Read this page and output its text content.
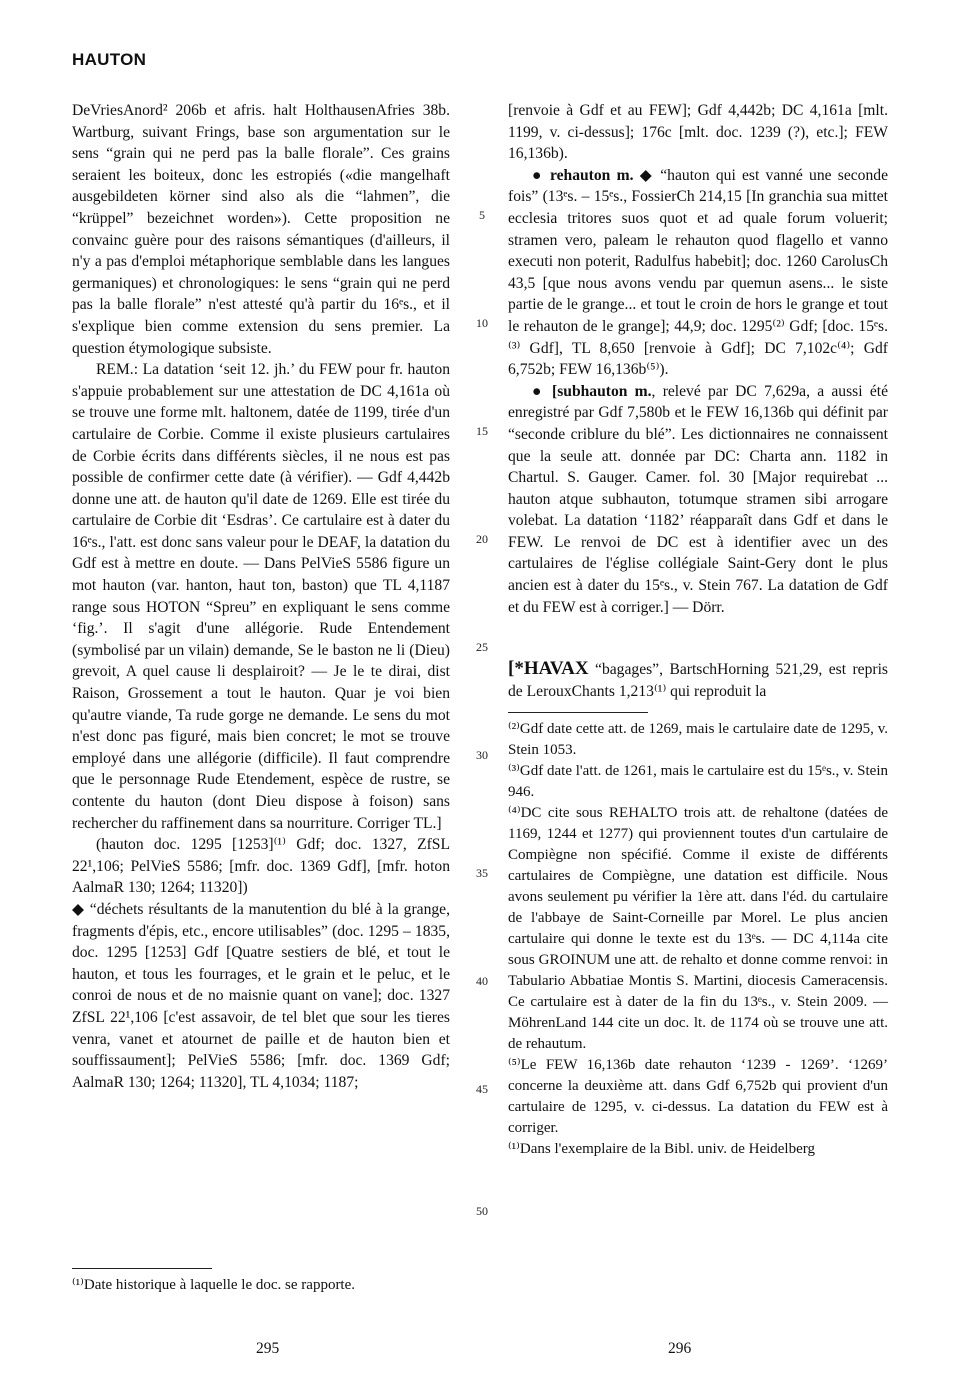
HAUTON

DeVriesAnord² 206b et afris. halt HolthausenAfries 38b. Wartburg, suivant Frings, base son argumentation sur le sens “grain qui ne perd pas la balle florale”. Ces grains seraient les boiteux, donc les estropiés («die mangelhaft ausgebildeten körner sind also als die “lahmen”, die “krüppel” bezeichnet worden»). Cette proposition ne convainc guère pour des raisons sémantiques (d'ailleurs, il n'y a pas d'emploi métaphorique semblable dans les langues germaniques) et chronologiques: le sens “grain qui ne perd pas la balle florale” n'est attesté qu'à partir du 16ᵉs., et il s'explique bien comme extension du sens premier. La question étymologique subsiste.

REM.: La datation ‘seit 12. jh.’ du FEW pour fr. hauton s'appuie probablement sur une attestation de DC 4,161a où se trouve une forme mlt. haltonem, datée de 1199, tirée d'un cartulaire de Corbie. Comme il existe plusieurs cartulaires de Corbie écrits dans différents siècles, il ne nous est pas possible de confirmer cette date (à vérifier). — Gdf 4,442b donne une att. de hauton qu'il date de 1269. Elle est tirée du cartulaire de Corbie dit ‘Esdras’. Ce cartulaire est à dater du 16ᵉs., l'att. est donc sans valeur pour le DEAF, la datation du Gdf est à mettre en doute. — Dans PelVieS 5586 figure un mot hauton (var. hanton, haut ton, baston) que TL 4,1187 range sous HOTON “Spreu” en expliquant le sens comme ‘fig.’. Il s'agit d'une allégorie. Rude Entendement (symbolisé par un vilain) demande, Se le baston ne li (Dieu) grevoit, A quel cause li desplairoit? — Je le te dirai, dist Raison, Grossement a tout le hauton. Quar je voi bien qu'autre viande, Ta rude gorge ne demande. Le sens du mot n'est donc pas figuré, mais bien concret; le mot se trouve employé dans une allégorie (difficile). Il faut comprendre que le personnage Rude Etendement, espèce de rustre, se contente du hauton (dont Dieu dispose à foison) sans rechercher du raffinement dans sa nourriture. Corriger TL.]

(hauton doc. 1295 [1253]⁽¹⁾ Gdf; doc. 1327, ZfSL 22¹,106; PelVieS 5586; [mfr. doc. 1369 Gdf], [mfr. hoton AalmaR 130; 1264; 11320])

◆ “déchets résultants de la manutention du blé à la grange, fragments d'épis, etc., encore utilisables” (doc. 1295 – 1835, doc. 1295 [1253] Gdf [Quatre sestiers de blé, et tout le hauton, et tous les fourrages, et le grain et le peluc, et le conroi de nous et de no maisnie quant on vane]; doc. 1327 ZfSL 22¹,106 [c'est assavoir, de tel blet que sour les tieres venra, vanet et atournet de paille et de hauton bien et souffissaument]; PelVieS 5586; [mfr. doc. 1369 Gdf; AalmaR 130; 1264; 11320], TL 4,1034; 1187;

⁽¹⁾Date historique à laquelle le doc. se rapporte.
5
10
15
20
25
30
35
40
45
50

[renvoie à Gdf et au FEW]; Gdf 4,442b; DC 4,161a [mlt. 1199, v. ci-dessus]; 176c [mlt. doc. 1239 (?), etc.]; FEW 16,136b).

● rehauton m. ◆ “hauton qui est vanné une seconde fois” (13ᵉs. – 15ᵉs., FossierCh 214,15 [In granchia sua mittet ecclesia tritores suos quot et ad quale forum voluerit; stramen vero, paleam le rehauton quod flagello et vanno executi non poterit, Radulfus habebit]; doc. 1260 CarolusCh 43,5 [que nous avons vendu par quemun asens... le siste partie de le grange... et tout le croin de hors le grange et tout le rehauton de le grange]; 44,9; doc. 1295⁽²⁾ Gdf; [doc. 15ᵉs.⁽³⁾ Gdf], TL 8,650 [renvoie à Gdf]; DC 7,102c⁽⁴⁾; Gdf 6,752b; FEW 16,136b⁽⁵⁾).

● [subhauton m., relevé par DC 7,629a, a aussi été enregistré par Gdf 7,580b et le FEW 16,136b qui définit par “seconde criblure du blé”. Les dictionnaires ne connaissent que la seule att. donnée par DC: Charta ann. 1182 in Chartul. S. Gauger. Camer. fol. 30 [Major requirebat ... hauton atque subhauton, totumque stramen sibi arrogare volebat. La datation ‘1182’ réapparaît dans Gdf et dans le FEW. Le renvoi de DC est à identifier avec un des cartulaires de l'église collégiale Saint-Gery dont le plus ancien est à dater du 15ᵉs., v. Stein 767. La datation de Gdf et du FEW est à corriger.] — Dörr.

[*HAVAX “bagages”, BartschHorning 521,29, est repris de LerouxChants 1,213⁽¹⁾ qui reproduit la

⁽²⁾Gdf date cette att. de 1269, mais le cartulaire date de 1295, v. Stein 1053.
⁽³⁾Gdf date l'att. de 1261, mais le cartulaire est du 15ᵉs., v. Stein 946.
⁽⁴⁾DC cite sous REHALTO trois att. de rehaltone (datées de 1169, 1244 et 1277) qui proviennent toutes d'un cartulaire de Compiègne non spécifié. Comme il existe de différents cartulaires de Compiègne, une datation est difficile. Nous avons seulement pu vérifier la 1ère att. dans l'éd. du cartulaire de l'abbaye de Saint-Corneille par Morel. Le plus ancien cartulaire qui donne le texte est du 13ᵉs. — DC 4,114a cite sous GROINUM une att. de rehalto et donne comme renvoi: in Tabulario Abbatiae Montis S. Martini, diocesis Cameracensis. Ce cartulaire est à dater de la fin du 13ᵉs., v. Stein 2009. — MöhrenLand 144 cite un doc. lt. de 1174 où se trouve une att. de rehautum.
⁽⁵⁾Le FEW 16,136b date rehauton ‘1239 - 1269’. ‘1269’ concerne la deuxième att. dans Gdf 6,752b qui provient d'un cartulaire de 1295, v. ci-dessus. La datation du FEW est à corriger.
⁽¹⁾Dans l'exemplaire de la Bibl. univ. de Heidelberg
295	296
